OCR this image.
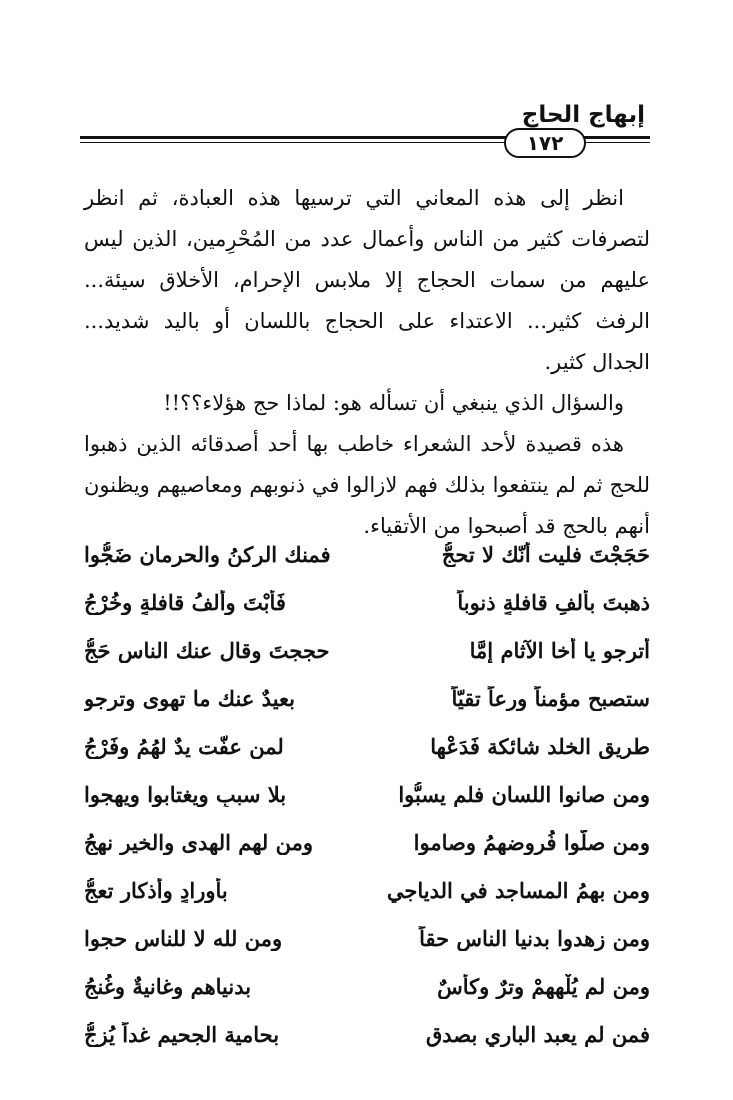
إبهاج الحاج
١٧٢

انظر إلى هذه المعاني التي ترسيها هذه العبادة، ثم انظر لتصرفات كثير من الناس وأعمال عدد من المُحْرِمين، الذين ليس عليهم من سمات الحجاج إلا ملابس الإحرام، الأخلاق سيئة... الرفث كثير... الاعتداء على الحجاج باللسان أو باليد شديد... الجدال كثير.

والسؤال الذي ينبغي أن تسأله هو: لماذا حج هؤلاء؟؟!!

هذه قصيدة لأحد الشعراء خاطب بها أحد أصدقائه الذين ذهبوا للحج ثم لم ينتفعوا بذلك فهم لازالوا في ذنوبهم ومعاصيهم ويظنون أنهم بالحج قد أصبحوا من الأتقياء.

حَجَجْتَ فليت أنّك لا تحجُّ
فمنك الركنُ والحرمان ضَجُّوا
ذهبتَ بألفِ قافلةٍ ذنوباً
فَأُبْتَ وألفُ قافلةٍ وخُرْجُ
أترجو يا أخا الآثام إمَّا
حججتَ وقال عنك الناس حَجُّ
ستصبح مؤمناً ورعاً تقيّاً
بعيدٌ عنك ما تهوى وترجو
طريق الخلد شائكة فَدَعْها
لمن عفّت يدٌ لهُمُ وفَرْجُ
ومن صانوا اللسان فلم يسبُّوا
بلا سببٍ ويغتابوا ويهجوا
ومن صلُّوا فُروضهمُ وصاموا
ومن لهم الهدى والخير نهجُ
ومن بهمُ المساجد في الدياجي
بأورادٍ وأذكارٍ تعجُّ
ومن زهدوا بدنيا الناس حقاً
ومن لله لا للناس حجوا
ومن لم يُلْهِهِمْ وترٌ وكأسٌ
بدنياهم وغانيةٌ وغُنجُ
فمن لم يعبد الباري بصدقٍ
بحامية الجحيم غداً يُزجُّ
